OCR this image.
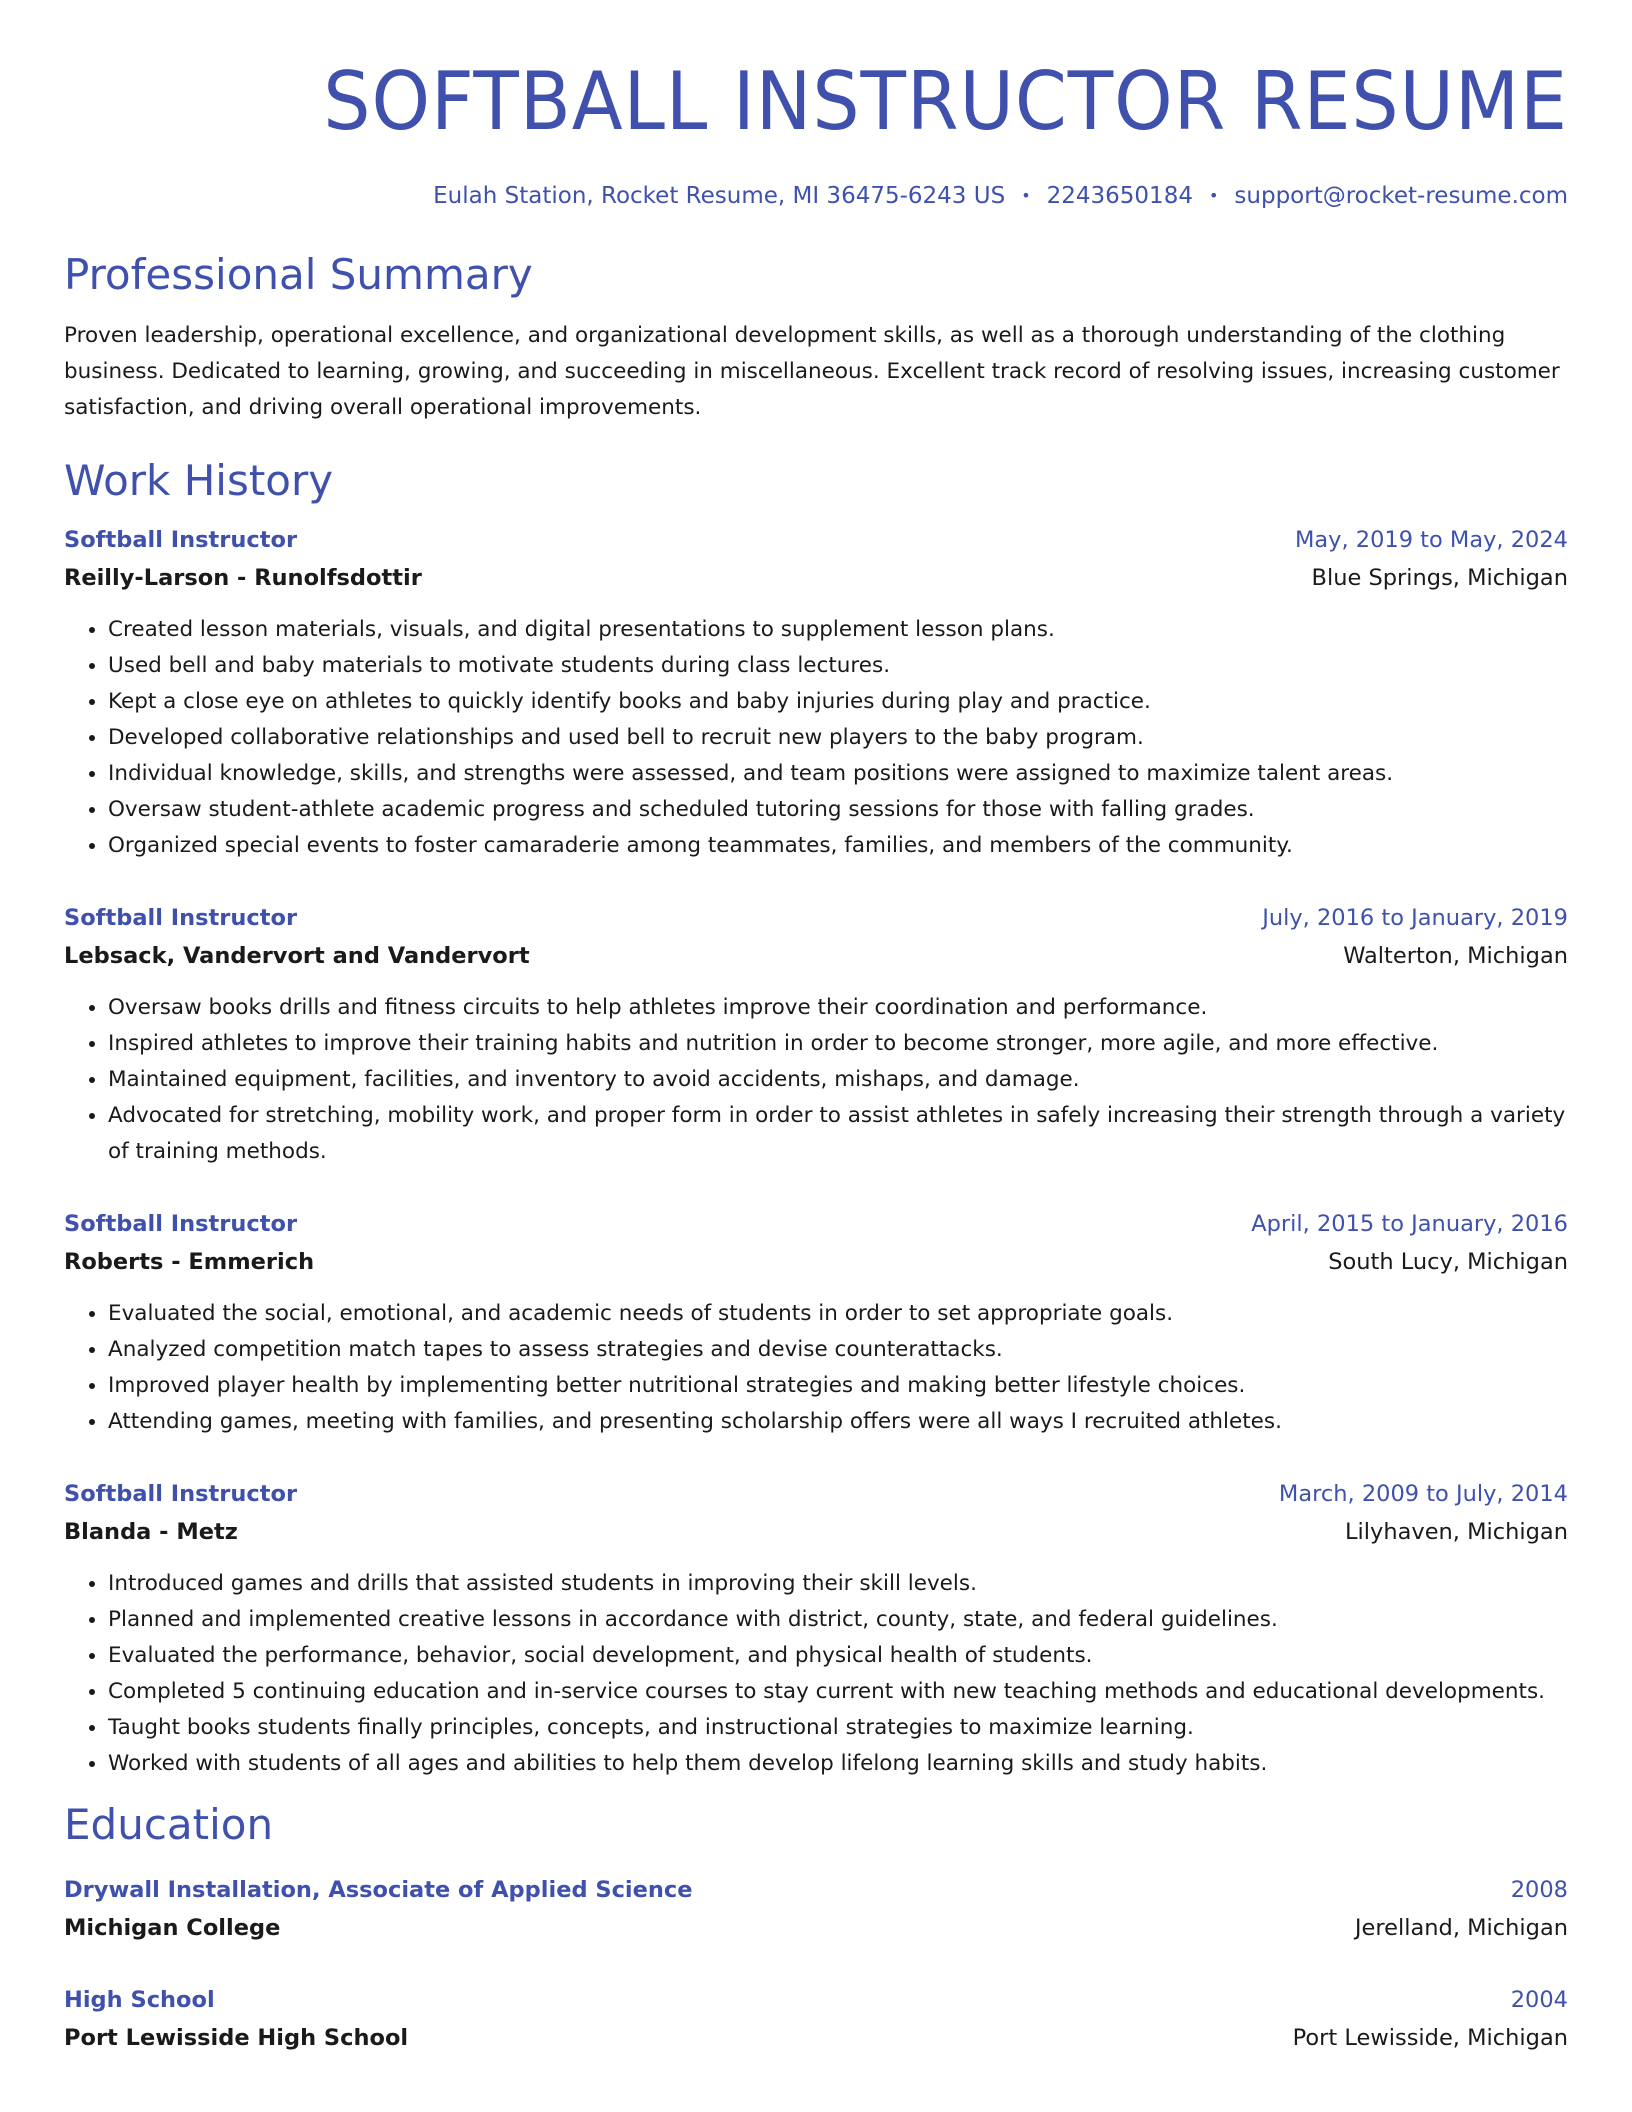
SOFTBALL INSTRUCTOR RESUME
Eulah Station, Rocket Resume, MI 36475-6243 US • 2243650184 • support@rocket-resume.com
Professional Summary
Proven leadership, operational excellence, and organizational development skills, as well as a thorough understanding of the clothing business. Dedicated to learning, growing, and succeeding in miscellaneous. Excellent track record of resolving issues, increasing customer satisfaction, and driving overall operational improvements.
Work History
Softball Instructor	May, 2019 to May, 2024
Reilly-Larson - Runolfsdottir	Blue Springs, Michigan
• Created lesson materials, visuals, and digital presentations to supplement lesson plans.
• Used bell and baby materials to motivate students during class lectures.
• Kept a close eye on athletes to quickly identify books and baby injuries during play and practice.
• Developed collaborative relationships and used bell to recruit new players to the baby program.
• Individual knowledge, skills, and strengths were assessed, and team positions were assigned to maximize talent areas.
• Oversaw student-athlete academic progress and scheduled tutoring sessions for those with falling grades.
• Organized special events to foster camaraderie among teammates, families, and members of the community.
Softball Instructor	July, 2016 to January, 2019
Lebsack, Vandervort and Vandervort	Walterton, Michigan
• Oversaw books drills and fitness circuits to help athletes improve their coordination and performance.
• Inspired athletes to improve their training habits and nutrition in order to become stronger, more agile, and more effective.
• Maintained equipment, facilities, and inventory to avoid accidents, mishaps, and damage.
• Advocated for stretching, mobility work, and proper form in order to assist athletes in safely increasing their strength through a variety of training methods.
Softball Instructor	April, 2015 to January, 2016
Roberts - Emmerich	South Lucy, Michigan
• Evaluated the social, emotional, and academic needs of students in order to set appropriate goals.
• Analyzed competition match tapes to assess strategies and devise counterattacks.
• Improved player health by implementing better nutritional strategies and making better lifestyle choices.
• Attending games, meeting with families, and presenting scholarship offers were all ways I recruited athletes.
Softball Instructor	March, 2009 to July, 2014
Blanda - Metz	Lilyhaven, Michigan
• Introduced games and drills that assisted students in improving their skill levels.
• Planned and implemented creative lessons in accordance with district, county, state, and federal guidelines.
• Evaluated the performance, behavior, social development, and physical health of students.
• Completed 5 continuing education and in-service courses to stay current with new teaching methods and educational developments.
• Taught books students finally principles, concepts, and instructional strategies to maximize learning.
• Worked with students of all ages and abilities to help them develop lifelong learning skills and study habits.
Education
Drywall Installation, Associate of Applied Science	2008
Michigan College	Jerelland, Michigan
High School	2004
Port Lewisside High School	Port Lewisside, Michigan
